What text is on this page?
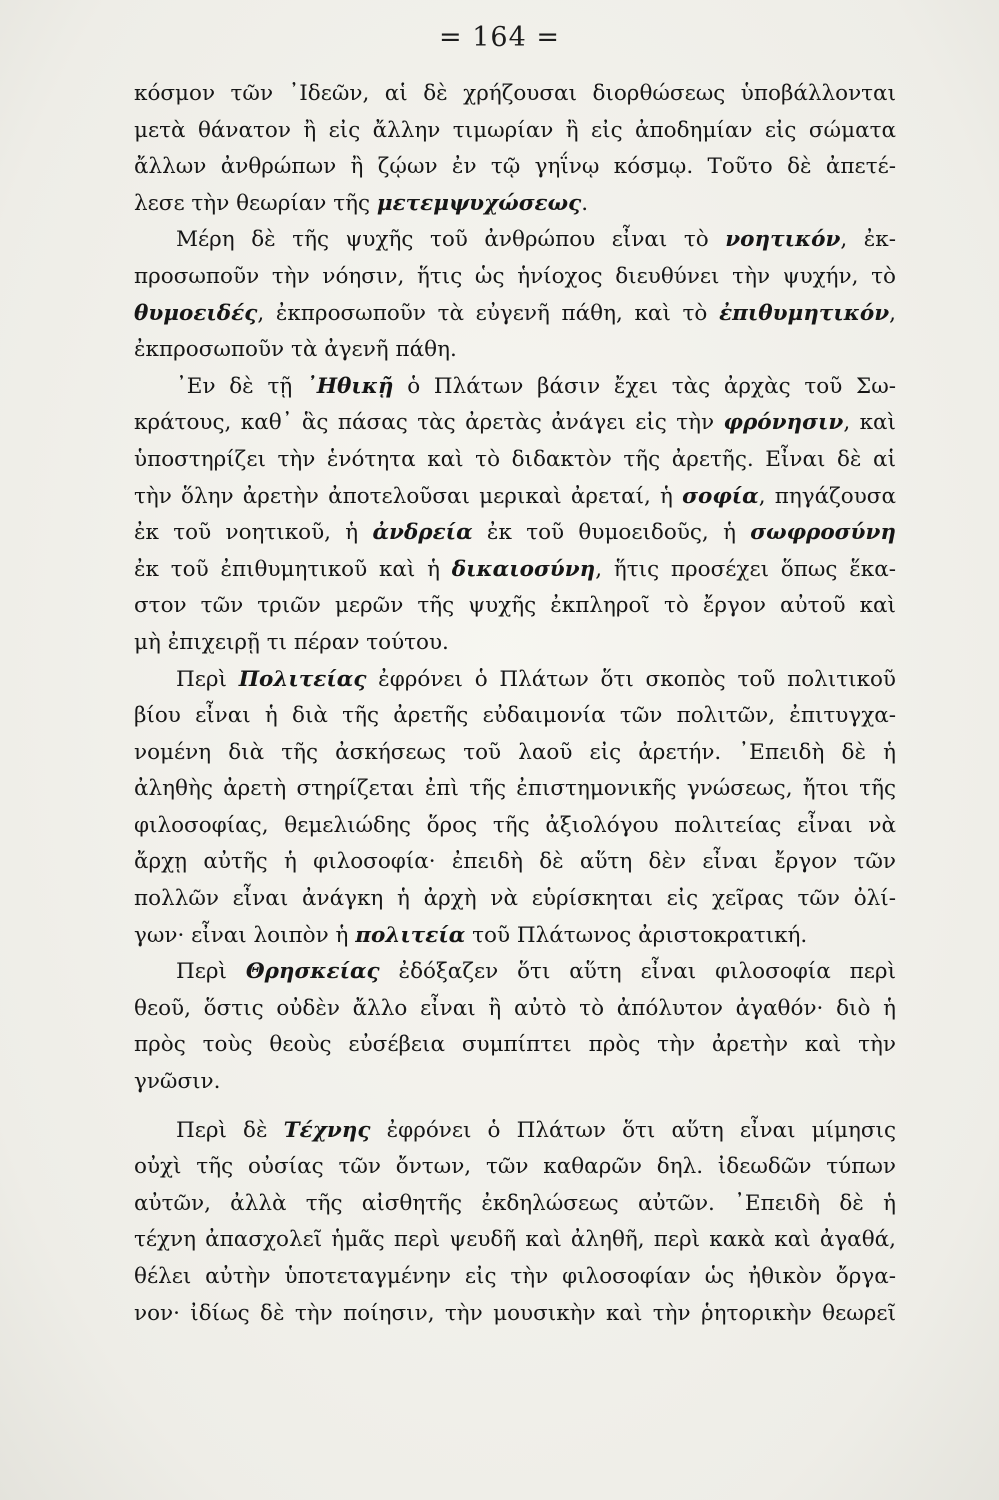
= 164 =
κόσμον τῶν ᾿Ιδεῶν, αἱ δὲ χρήζουσαι διορθώσεως ὑποβάλλονται
μετὰ θάνατον ἢ εἰς ἄλλην τιμωρίαν ἢ εἰς ἀποδημίαν εἰς σώματα
ἄλλων ἀνθρώπων ἢ ζῴων ἐν τῷ γηΐνῳ κόσμῳ. Τοῦτο δὲ ἀπετέ-
λεσε τὴν θεωρίαν τῆς μετεμψυχώσεως.
Μέρη δὲ τῆς ψυχῆς τοῦ ἀνθρώπου εἶναι τὸ νοητικόν, ἐκ-
προσωποῦν τὴν νόησιν, ἥτις ὡς ἡνίοχος διευθύνει τὴν ψυχήν, τὸ
θυμοειδές, ἐκπροσωποῦν τὰ εὐγενῆ πάθη, καὶ τὸ ἐπιθυμητικόν,
ἐκπροσωποῦν τὰ ἀγενῆ πάθη.
᾿Εν δὲ τῇ ᾿Ηθικῇ ὁ Πλάτων βάσιν ἔχει τὰς ἀρχὰς τοῦ Σω-
κράτους, καθ᾿ ἃς πάσας τὰς ἀρετὰς ἀνάγει εἰς τὴν φρόνησιν, καὶ
ὑποστηρίζει τὴν ἑνότητα καὶ τὸ διδακτὸν τῆς ἀρετῆς. Εἶναι δὲ αἱ
τὴν ὅλην ἀρετὴν ἀποτελοῦσαι μερικαὶ ἀρεταί, ἡ σοφία, πηγάζουσα
ἐκ τοῦ νοητικοῦ, ἡ ἀνδρεία ἐκ τοῦ θυμοειδοῦς, ἡ σωφροσύνη
ἐκ τοῦ ἐπιθυμητικοῦ καὶ ἡ δικαιοσύνη, ἥτις προσέχει ὅπως ἕκα-
στον τῶν τριῶν μερῶν τῆς ψυχῆς ἐκπληροῖ τὸ ἔργον αὐτοῦ καὶ
μὴ ἐπιχειρῇ τι πέραν τούτου.
Περὶ Πολιτείας ἐφρόνει ὁ Πλάτων ὅτι σκοπὸς τοῦ πολιτικοῦ
βίου εἶναι ἡ διὰ τῆς ἀρετῆς εὐδαιμονία τῶν πολιτῶν, ἐπιτυγχα-
νομένη διὰ τῆς ἀσκήσεως τοῦ λαοῦ εἰς ἀρετήν. ᾿Επειδὴ δὲ ἡ
ἀληθὴς ἀρετὴ στηρίζεται ἐπὶ τῆς ἐπιστημονικῆς γνώσεως, ἤτοι τῆς
φιλοσοφίας, θεμελιώδης ὅρος τῆς ἀξιολόγου πολιτείας εἶναι νὰ
ἄρχῃ αὐτῆς ἡ φιλοσοφία· ἐπειδὴ δὲ αὕτη δὲν εἶναι ἔργον τῶν
πολλῶν εἶναι ἀνάγκη ἡ ἀρχὴ νὰ εὑρίσκηται εἰς χεῖρας τῶν ὀλί-
γων· εἶναι λοιπὸν ἡ πολιτεία τοῦ Πλάτωνος ἀριστοκρατική.
Περὶ Θρησκείας ἐδόξαζεν ὅτι αὕτη εἶναι φιλοσοφία περὶ
θεοῦ, ὅστις οὐδὲν ἄλλο εἶναι ἢ αὐτὸ τὸ ἀπόλυτον ἀγαθόν· διὸ ἡ
πρὸς τοὺς θεοὺς εὐσέβεια συμπίπτει πρὸς τὴν ἀρετὴν καὶ τὴν
γνῶσιν.
Περὶ δὲ Τέχνης ἐφρόνει ὁ Πλάτων ὅτι αὕτη εἶναι μίμησις
οὐχὶ τῆς οὐσίας τῶν ὄντων, τῶν καθαρῶν δηλ. ἰδεωδῶν τύπων
αὐτῶν, ἀλλὰ τῆς αἰσθητῆς ἐκδηλώσεως αὐτῶν. ᾿Επειδὴ δὲ ἡ
τέχνη ἀπασχολεῖ ἡμᾶς περὶ ψευδῆ καὶ ἀληθῆ, περὶ κακὰ καὶ ἀγαθά,
θέλει αὐτὴν ὑποτεταγμένην εἰς τὴν φιλοσοφίαν ὡς ἠθικὸν ὄργα-
νον· ἰδίως δὲ τὴν ποίησιν, τὴν μουσικὴν καὶ τὴν ῥητορικὴν θεωρεῖ
